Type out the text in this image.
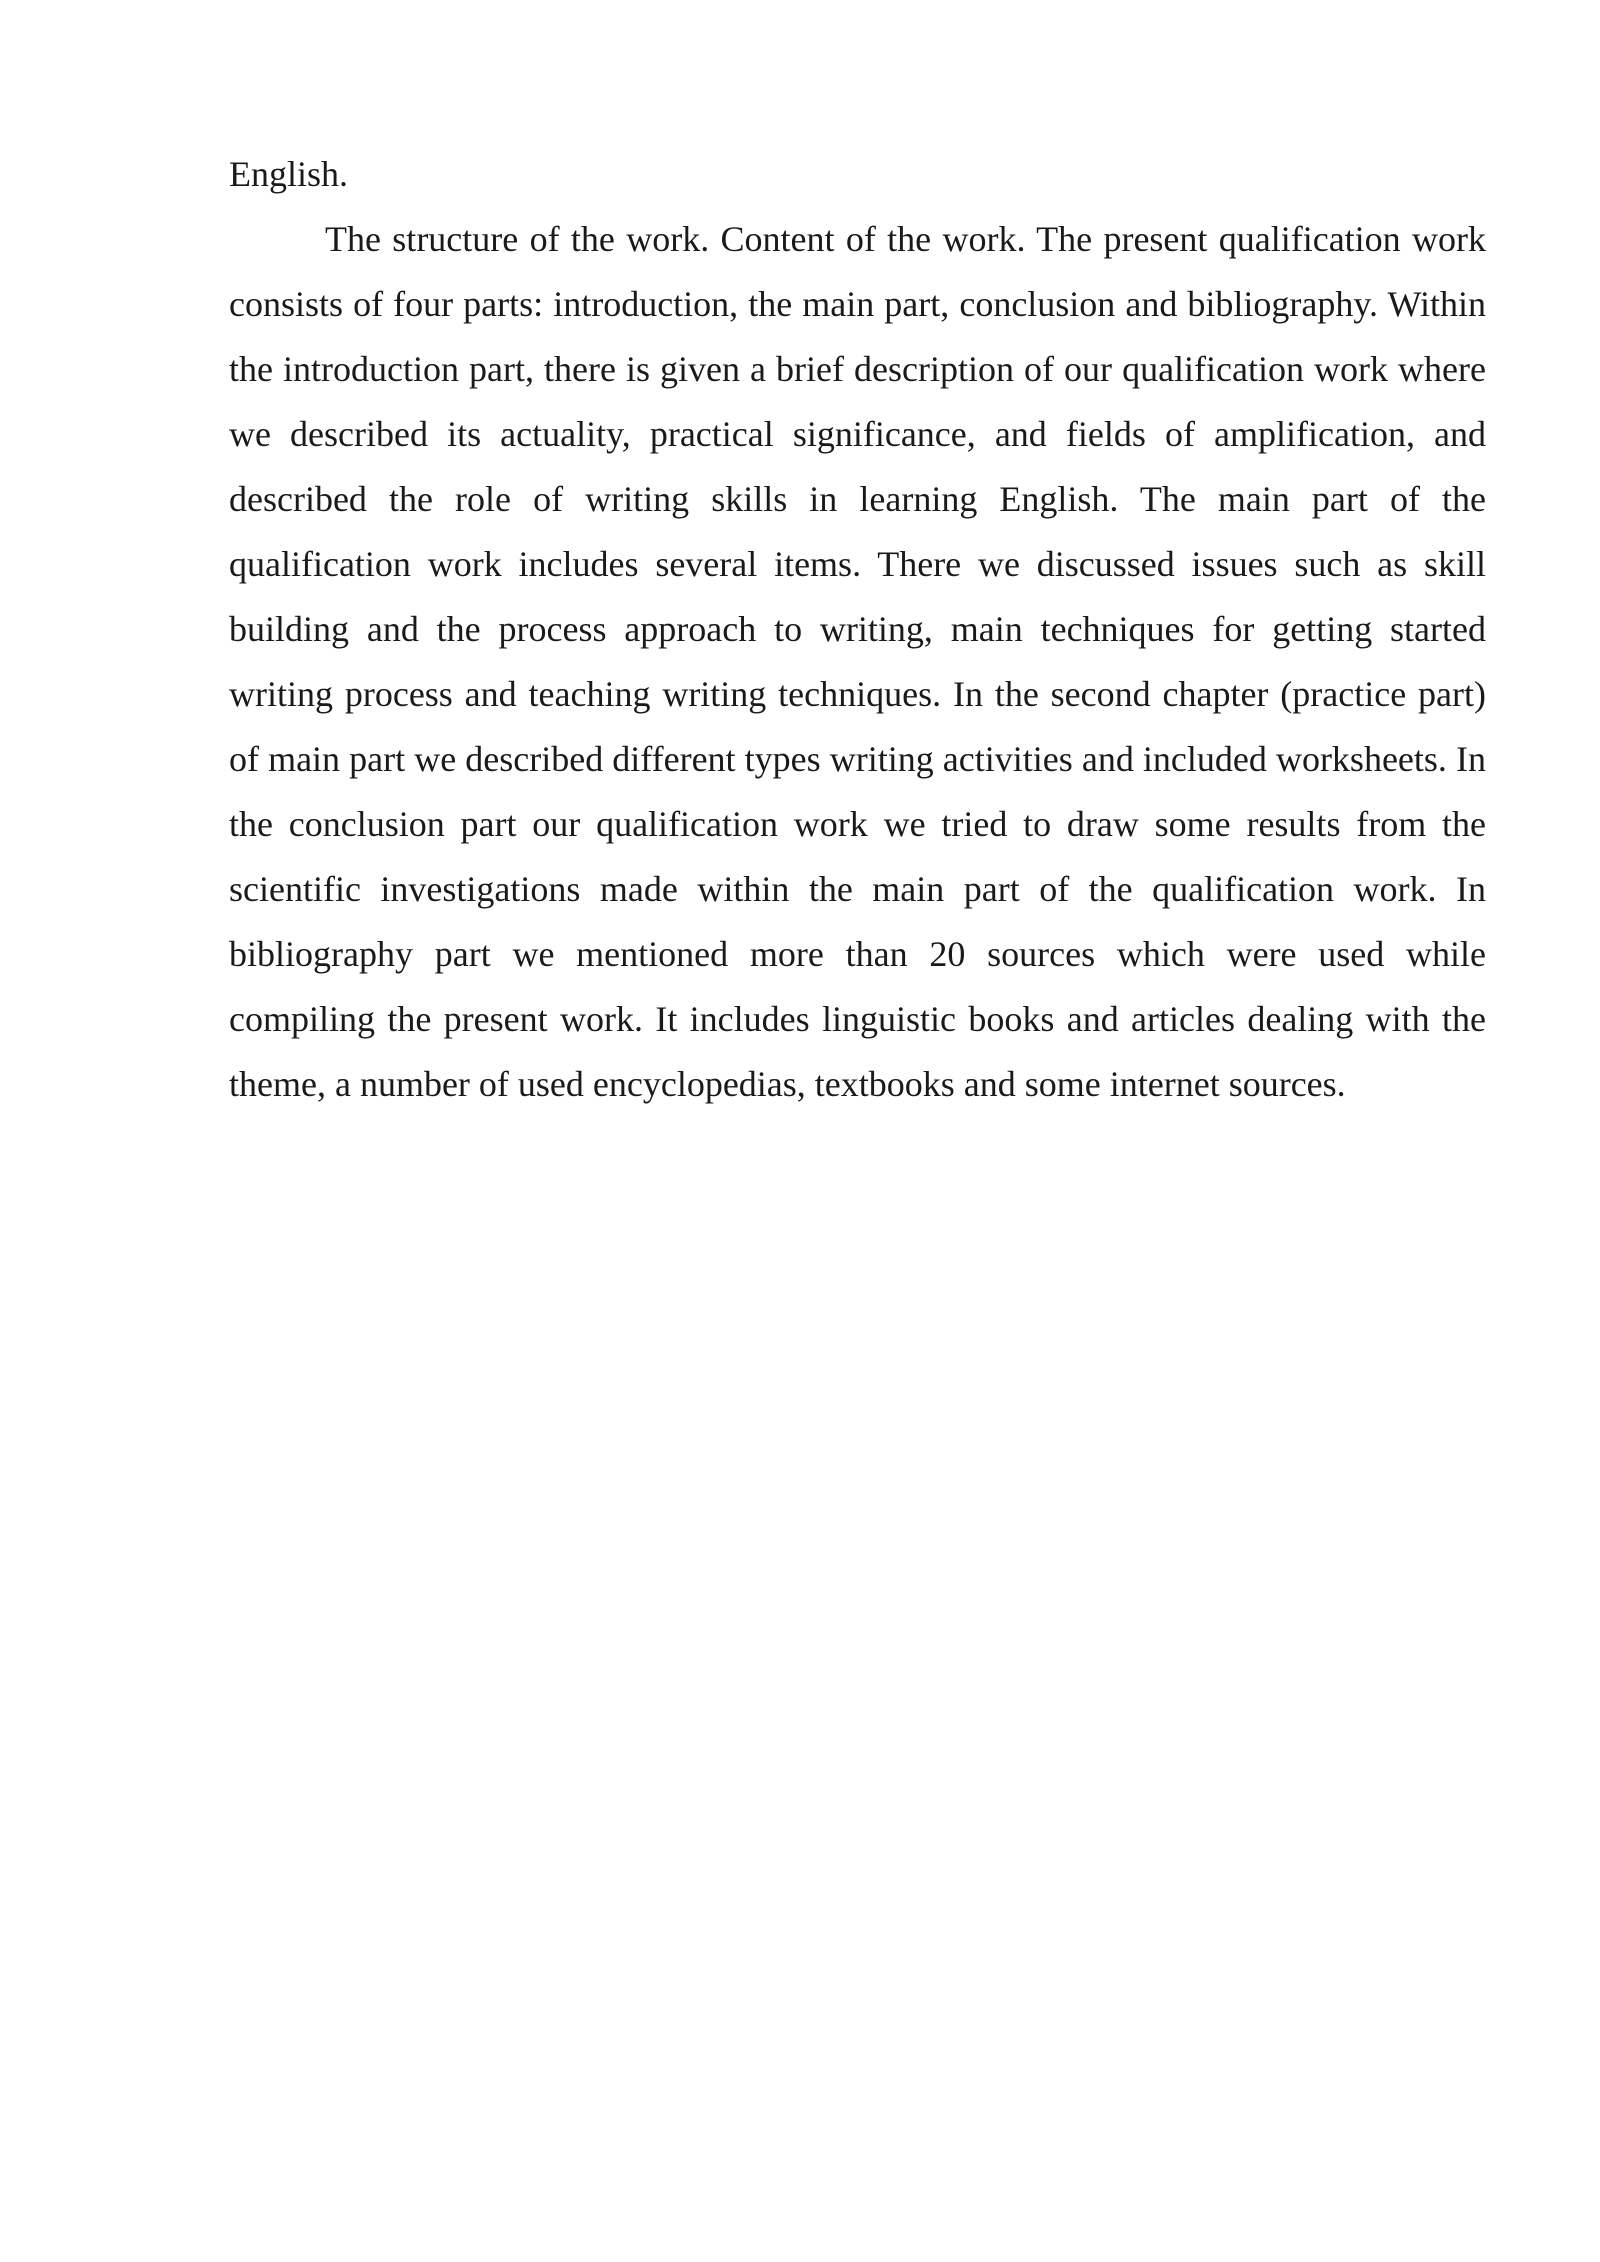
English.

The structure of the work. Content of the work. The present qualification work consists of four parts: introduction, the main part, conclusion and bibliography. Within the introduction part, there is given a brief description of our qualification work where we described its actuality, practical significance, and fields of amplification, and described the role of writing skills in learning English. The main part of the qualification work includes several items. There we discussed issues such as skill building and the process approach to writing, main techniques for getting started writing process and teaching writing techniques. In the second chapter (practice part) of main part we described different types writing activities and included worksheets. In the conclusion part our qualification work we tried to draw some results from the scientific investigations made within the main part of the qualification work. In bibliography part we mentioned more than 20 sources which were used while compiling the present work. It includes linguistic books and articles dealing with the theme, a number of used encyclopedias, textbooks and some internet sources.
